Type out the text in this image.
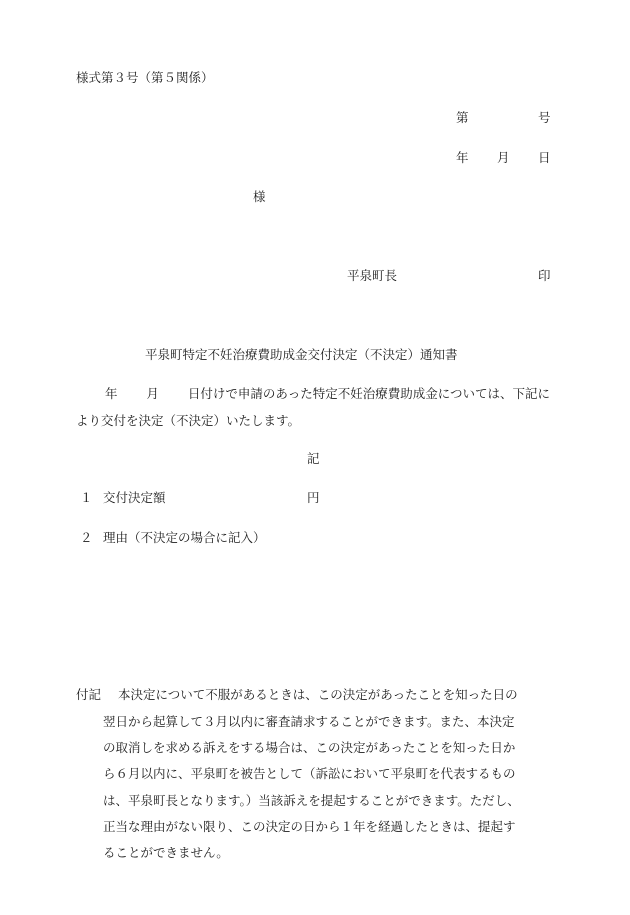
様式第３号（第５関係）
第	号
年 月 日
様
平泉町長	印
平泉町特定不妊治療費助成金交付決定（不決定）通知書
年 月 日付けで申請のあった特定不妊治療費助成金については、下記に
より交付を決定（不決定）いたします。
記
１ 交付決定額	円
２ 理由（不決定の場合に記入）
付記 本決定について不服があるときは、この決定があったことを知った日の
翌日から起算して３月以内に審査請求することができます。また、本決定
の取消しを求める訴えをする場合は、この決定があったことを知った日か
ら６月以内に、平泉町を被告として（訴訟において平泉町を代表するもの
は、平泉町長となります。）当該訴えを提起することができます。ただし、
正当な理由がない限り、この決定の日から１年を経過したときは、提起す
ることができません。
